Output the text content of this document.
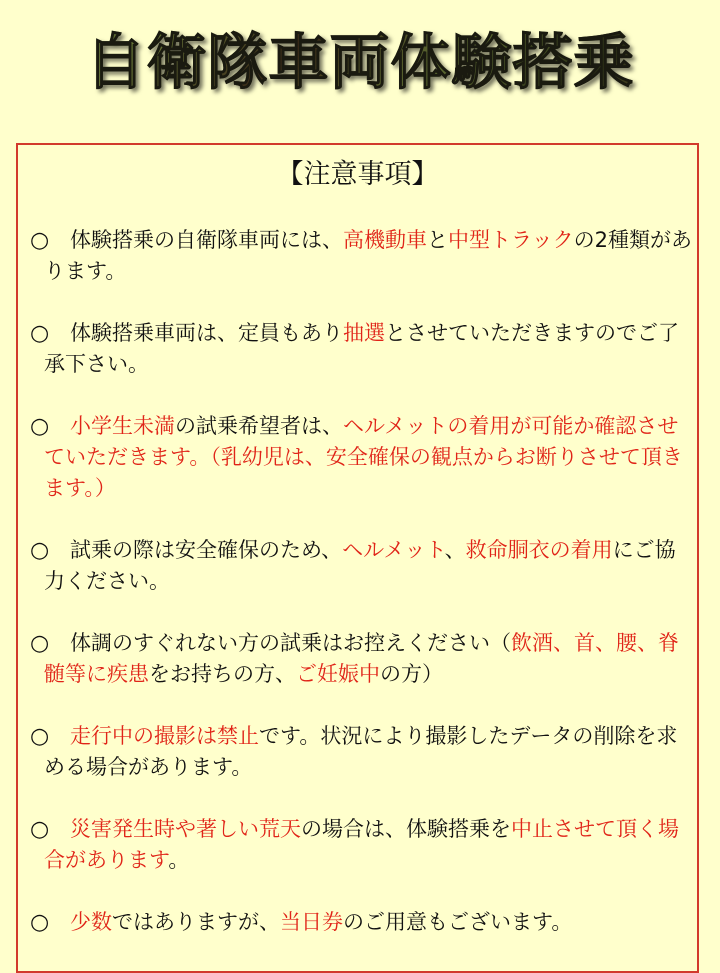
自衛隊車両体験搭乗
【注意事項】
○ 体験搭乗の自衛隊車両には、高機動車と中型トラックの2種類があります。
○ 体験搭乗車両は、定員もあり抽選とさせていただきますのでご了承下さい。
○ 小学生未満の試乗希望者は、ヘルメットの着用が可能か確認させていただきます。（乳幼児は、安全確保の観点からお断りさせて頂きます。）
○ 試乗の際は安全確保のため、ヘルメット、救命胴衣の着用にご協力ください。
○ 体調のすぐれない方の試乗はお控えください（飲酒、首、腰、脊髄等に疾患をお持ちの方、ご妊娠中の方）
○ 走行中の撮影は禁止です。状況により撮影したデータの削除を求める場合があります。
○ 災害発生時や著しい荒天の場合は、体験搭乗を中止させて頂く場合があります。
○ 少数ではありますが、当日券のご用意もございます。
